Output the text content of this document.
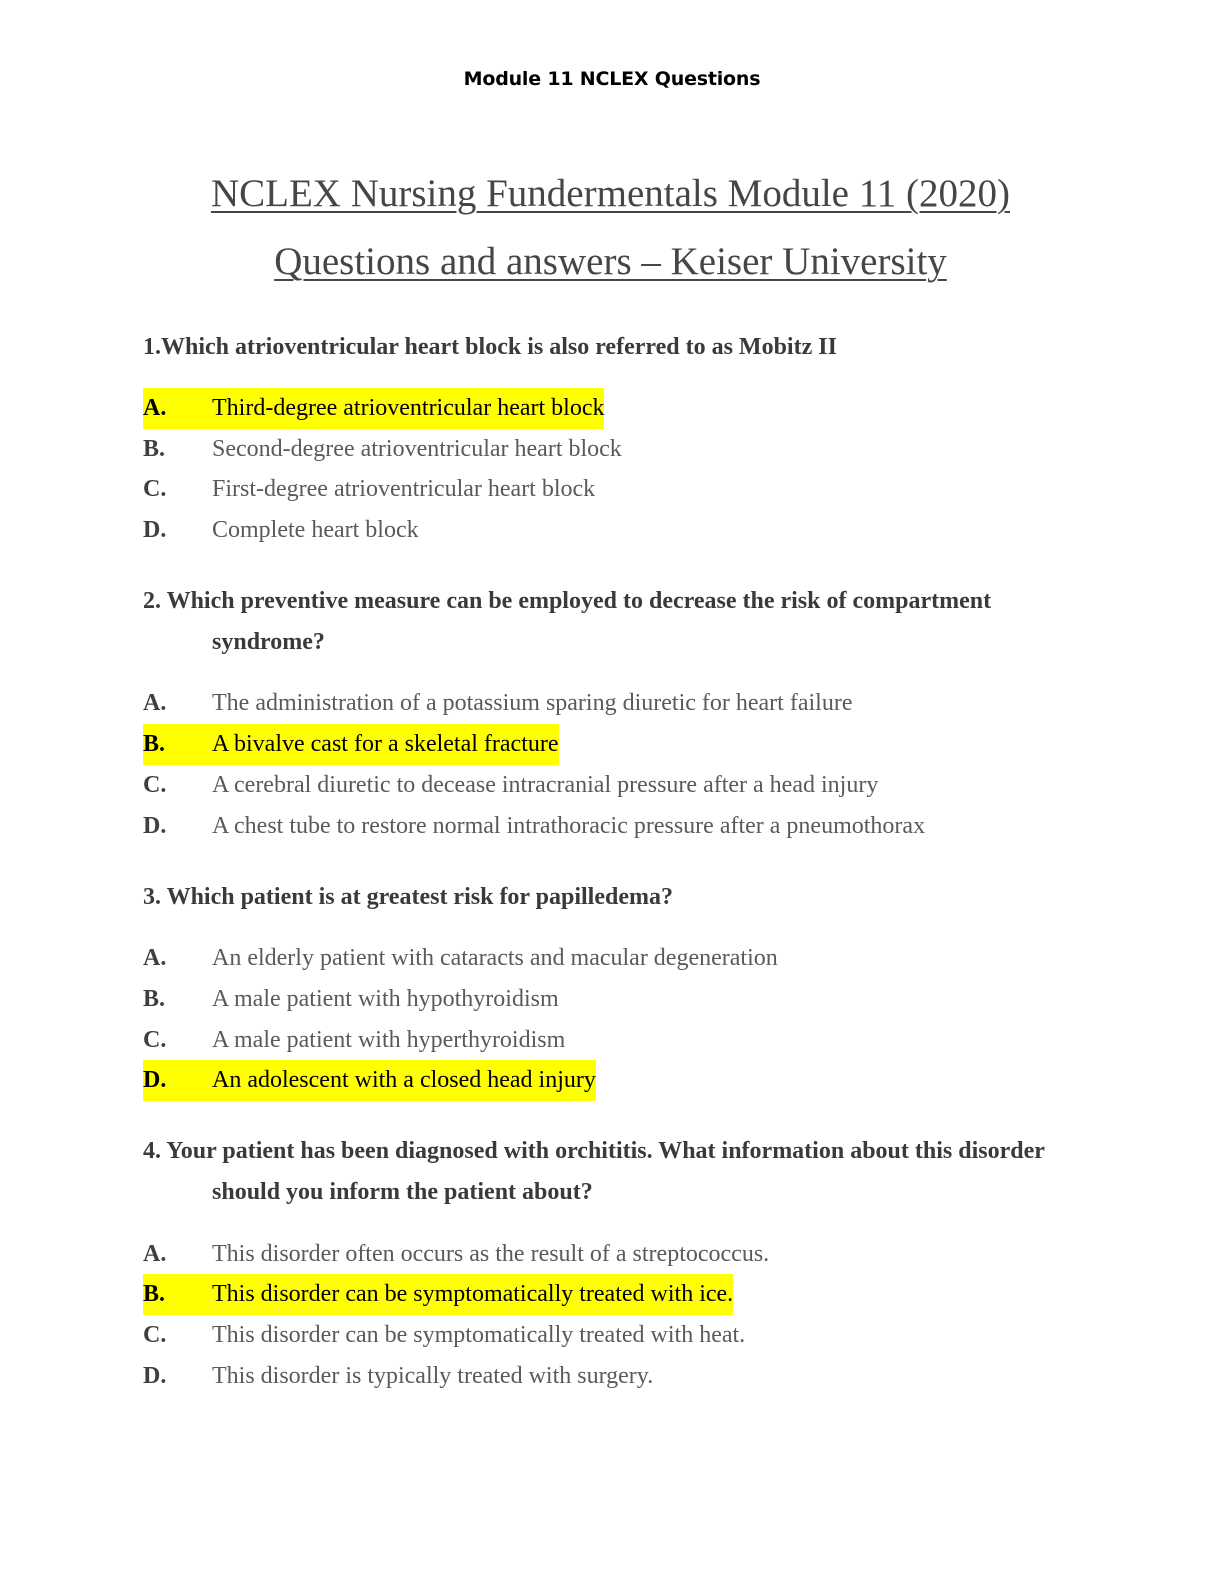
Module 11 NCLEX Questions
NCLEX Nursing Fundermentals Module 11 (2020)
Questions and answers – Keiser University

1.Which atrioventricular heart block is also referred to as Mobitz II

A. Third-degree atrioventricular heart block
B. Second-degree atrioventricular heart block
C. First-degree atrioventricular heart block
D. Complete heart block

2. Which preventive measure can be employed to decrease the risk of compartment syndrome?

A. The administration of a potassium sparing diuretic for heart failure
B. A bivalve cast for a skeletal fracture
C. A cerebral diuretic to decease intracranial pressure after a head injury
D. A chest tube to restore normal intrathoracic pressure after a pneumothorax

3. Which patient is at greatest risk for papilledema?

A. An elderly patient with cataracts and macular degeneration
B. A male patient with hypothyroidism
C. A male patient with hyperthyroidism
D. An adolescent with a closed head injury

4. Your patient has been diagnosed with orchititis. What information about this disorder should you inform the patient about?

A. This disorder often occurs as the result of a streptococcus.
B. This disorder can be symptomatically treated with ice.
C. This disorder can be symptomatically treated with heat.
D. This disorder is typically treated with surgery.
